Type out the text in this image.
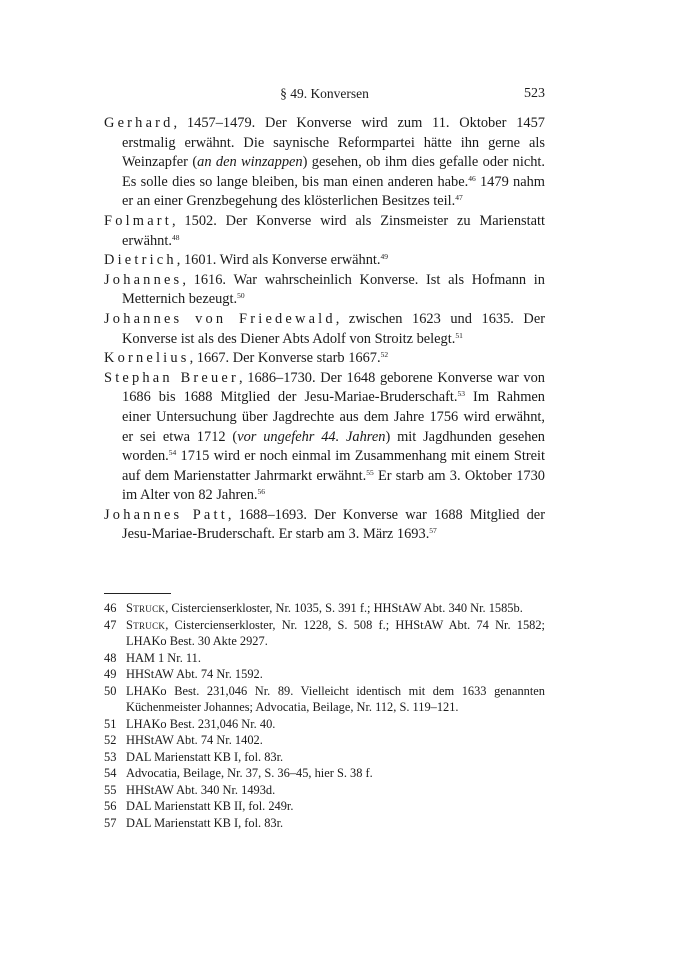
§ 49. Konversen	523

Gerhard, 1457–1479. Der Konverse wird zum 11. Oktober 1457 erstmalig erwähnt. Die saynische Reformpartei hätte ihn gerne als Weinzapfer (an den winzappen) gesehen, ob ihm dies gefalle oder nicht. Es solle dies so lange bleiben, bis man einen anderen habe.$^{46}$ 1479 nahm er an einer Grenzbegehung des klösterlichen Besitzes teil.$^{47}$

Folmart, 1502. Der Konverse wird als Zinsmeister zu Marienstatt erwähnt.$^{48}$

Dietrich, 1601. Wird als Konverse erwähnt.$^{49}$

Johannes, 1616. War wahrscheinlich Konverse. Ist als Hofmann in Metternich bezeugt.$^{50}$

Johannes von Friedewald, zwischen 1623 und 1635. Der Konverse ist als des Diener Abts Adolf von Stroitz belegt.$^{51}$

Kornelius, 1667. Der Konverse starb 1667.52

Stephan Breuer, 1686–1730. Der 1648 geborene Konverse war von 1686 bis 1688 Mitglied der Jesu-Mariae-Bruderschaft.$^{53}$ Im Rahmen einer Untersuchung über Jagdrechte aus dem Jahre 1756 wird erwähnt, er sei etwa 1712 (vor ungefehr 44. Jahren) mit Jagdhunden gesehen worden.$^{54}$ 1715 wird er noch einmal im Zusammenhang mit einem Streit auf dem Marienstatter Jahrmarkt erwähnt.$^{55}$ Er starb am 3. Oktober 1730 im Alter von 82 Jahren.$^{56}$

Johannes Patt, 1688–1693. Der Konverse war 1688 Mitglied der Jesu-Mariae-Bruderschaft. Er starb am 3. März 1693.57

46 Struck, Cistercienserkloster, Nr. 1035, S. 391 f.; HHStAW Abt. 340 Nr. 1585b.
47 Struck, Cistercienserkloster, Nr. 1228, S. 508 f.; HHStAW Abt. 74 Nr. 1582; LHAKo Best. 30 Akte 2927.
48 HAM 1 Nr. 11.
49 HHStAW Abt. 74 Nr. 1592.
50 LHAKo Best. 231,046 Nr. 89. Vielleicht identisch mit dem 1633 genannten Küchenmeister Johannes; Advocatia, Beilage, Nr. 112, S. 119–121.
51 LHAKo Best. 231,046 Nr. 40.
52 HHStAW Abt. 74 Nr. 1402.
53 DAL Marienstatt KB I, fol. 83r.
54 Advocatia, Beilage, Nr. 37, S. 36–45, hier S. 38 f.
55 HHStAW Abt. 340 Nr. 1493d.
56 DAL Marienstatt KB II, fol. 249r.
57 DAL Marienstatt KB I, fol. 83r.
